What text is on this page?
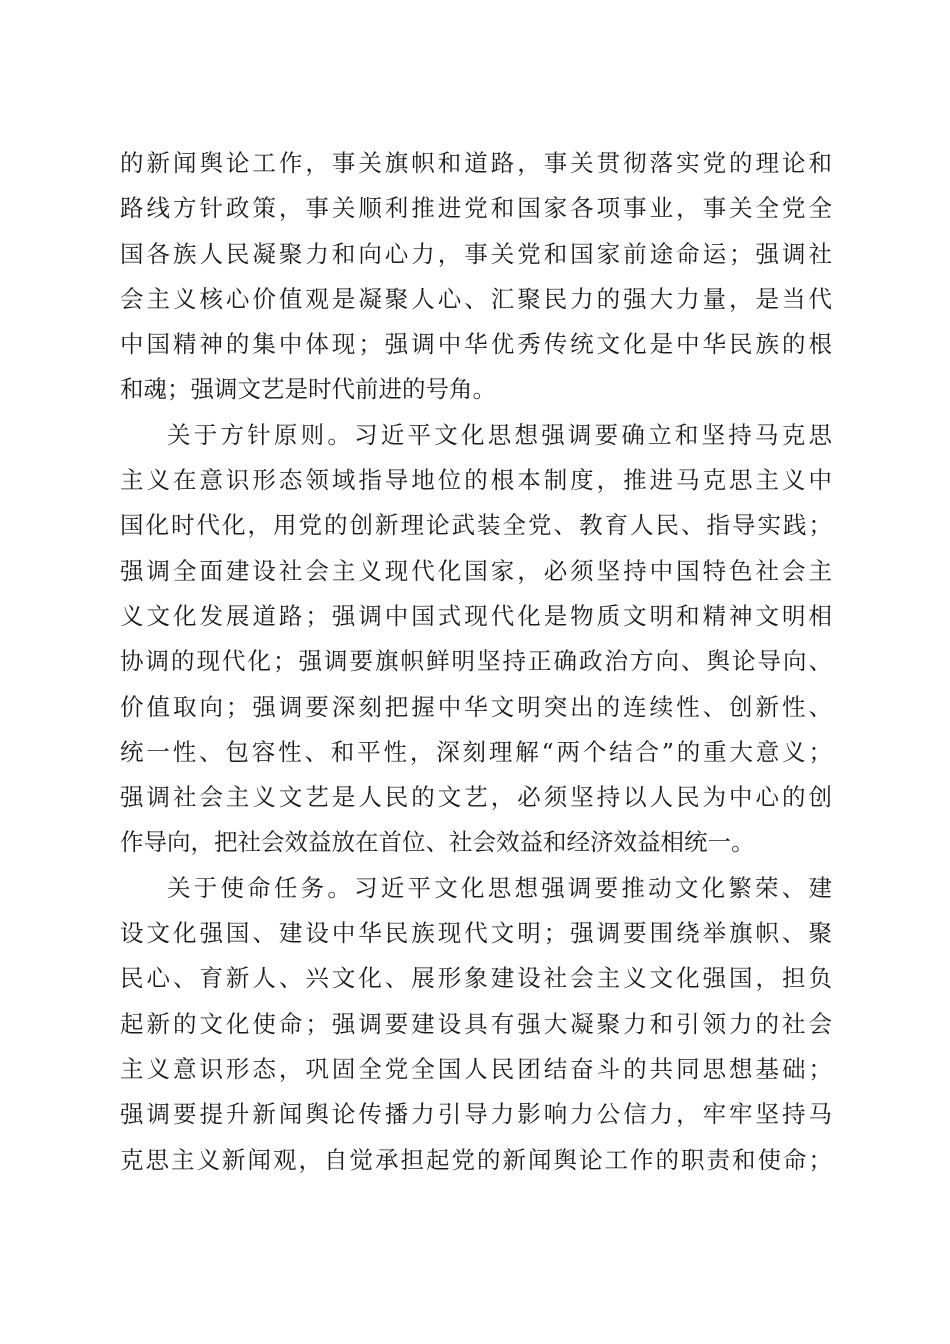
的新闻舆论工作，事关旗帜和道路，事关贯彻落实党的理论和
路线方针政策，事关顺利推进党和国家各项事业，事关全党全
国各族人民凝聚力和向心力，事关党和国家前途命运；强调社
会主义核心价值观是凝聚人心、汇聚民力的强大力量，是当代
中国精神的集中体现；强调中华优秀传统文化是中华民族的根
和魂；强调文艺是时代前进的号角。
关于方针原则。习近平文化思想强调要确立和坚持马克思
主义在意识形态领域指导地位的根本制度，推进马克思主义中
国化时代化，用党的创新理论武装全党、教育人民、指导实践；
强调全面建设社会主义现代化国家，必须坚持中国特色社会主
义文化发展道路；强调中国式现代化是物质文明和精神文明相
协调的现代化；强调要旗帜鲜明坚持正确政治方向、舆论导向、
价值取向；强调要深刻把握中华文明突出的连续性、创新性、
统一性、包容性、和平性，深刻理解“两个结合”的重大意义；
强调社会主义文艺是人民的文艺，必须坚持以人民为中心的创
作导向，把社会效益放在首位、社会效益和经济效益相统一。
关于使命任务。习近平文化思想强调要推动文化繁荣、建
设文化强国、建设中华民族现代文明；强调要围绕举旗帜、聚
民心、育新人、兴文化、展形象建设社会主义文化强国，担负
起新的文化使命；强调要建设具有强大凝聚力和引领力的社会
主义意识形态，巩固全党全国人民团结奋斗的共同思想基础；
强调要提升新闻舆论传播力引导力影响力公信力，牢牢坚持马
克思主义新闻观，自觉承担起党的新闻舆论工作的职责和使命；
